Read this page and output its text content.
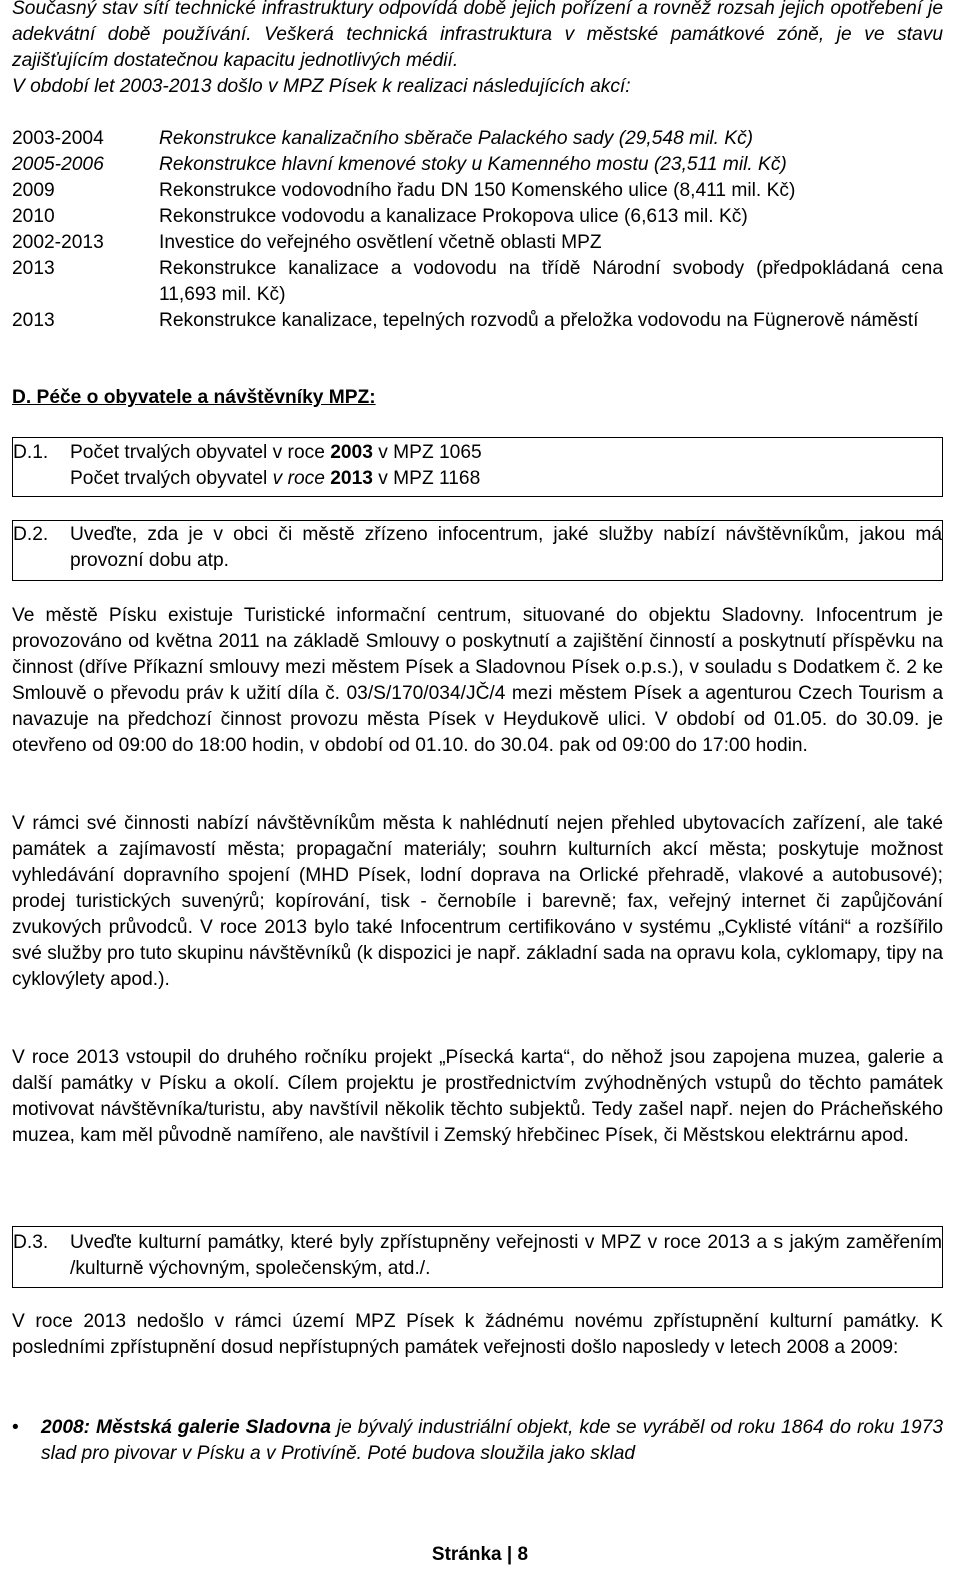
Současný stav sítí technické infrastruktury odpovídá době jejich pořízení a rovněž rozsah jejich opotřebení je adekvátní době používání. Veškerá technická infrastruktura v městské památkové zóně, je ve stavu zajišťujícím dostatečnou kapacitu jednotlivých médií.

V období let 2003-2013 došlo v MPZ Písek k realizaci následujících akcí:

2003-2004	Rekonstrukce kanalizačního sběrače Palackého sady (29,548 mil. Kč)
2005-2006	Rekonstrukce hlavní kmenové stoky u Kamenného mostu (23,511 mil. Kč)
2009	Rekonstrukce vodovodního řadu DN 150 Komenského ulice (8,411 mil. Kč)
2010	Rekonstrukce vodovodu a kanalizace Prokopova ulice (6,613 mil. Kč)
2002-2013	Investice do veřejného osvětlení včetně oblasti MPZ
2013	Rekonstrukce kanalizace a vodovodu na třídě Národní svobody (předpokládaná cena 11,693 mil. Kč)
2013	Rekonstrukce kanalizace, tepelných rozvodů a přeložka vodovodu na Fügnerově náměstí
D. Péče o obyvatele a návštěvníky MPZ:
D.1.	Počet trvalých obyvatel v roce 2003 v MPZ 1065
Počet trvalých obyvatel v roce 2013 v MPZ 1168
D.2.	Uveďte, zda je v obci či městě zřízeno infocentrum, jaké služby nabízí návštěvníkům, jakou má provozní dobu atp.

Ve městě Písku existuje Turistické informační centrum, situované do objektu Sladovny. Infocentrum je provozováno od května 2011 na základě Smlouvy o poskytnutí a zajištění činností a poskytnutí příspěvku na činnost (dříve Příkazní smlouvy mezi městem Písek a Sladovnou Písek o.p.s.), v souladu s Dodatkem č. 2 ke Smlouvě o převodu práv k užití díla č. 03/S/170/034/JČ/4 mezi městem Písek a agenturou Czech Tourism a navazuje na předchozí činnost provozu města Písek v Heydukově ulici. V období od 01.05. do 30.09. je otevřeno od 09:00 do 18:00 hodin, v období od 01.10. do 30.04. pak od 09:00 do 17:00 hodin.

V rámci své činnosti nabízí návštěvníkům města k nahlédnutí nejen přehled ubytovacích zařízení, ale také památek a zajímavostí města; propagační materiály; souhrn kulturních akcí města; poskytuje možnost vyhledávání dopravního spojení (MHD Písek, lodní doprava na Orlické přehradě, vlakové a autobusové); prodej turistických suvenýrů; kopírování, tisk - černobíle i barevně; fax, veřejný internet či zapůjčování zvukových průvodců. V roce 2013 bylo také Infocentrum certifikováno v systému „Cyklisté vítáni“ a rozšířilo své služby pro tuto skupinu návštěvníků (k dispozici je např. základní sada na opravu kola, cyklomapy, tipy na cyklovýlety apod.).

V roce 2013 vstoupil do druhého ročníku projekt „Písecká karta“, do něhož jsou zapojena muzea, galerie a další památky v Písku a okolí. Cílem projektu je prostřednictvím zvýhodněných vstupů do těchto památek motivovat návštěvníka/turistu, aby navštívil několik těchto subjektů. Tedy zašel např. nejen do Prácheňského muzea, kam měl původně namířeno, ale navštívil i Zemský hřebčinec Písek, či Městskou elektrárnu apod.

D.3.	Uveďte kulturní památky, které byly zpřístupněny veřejnosti v MPZ v roce 2013 a s jakým zaměřením /kulturně výchovným, společenským, atd./.

V roce 2013 nedošlo v rámci území MPZ Písek k žádnému novému zpřístupnění kulturní památky. K posledními zpřístupnění dosud nepřístupných památek veřejnosti došlo naposledy v letech 2008 a 2009:

• 2008: Městská galerie Sladovna je bývalý industriální objekt, kde se vyráběl od roku 1864 do roku 1973 slad pro pivovar v Písku a v Protivíně. Poté budova sloužila jako sklad
Stránka | 8
